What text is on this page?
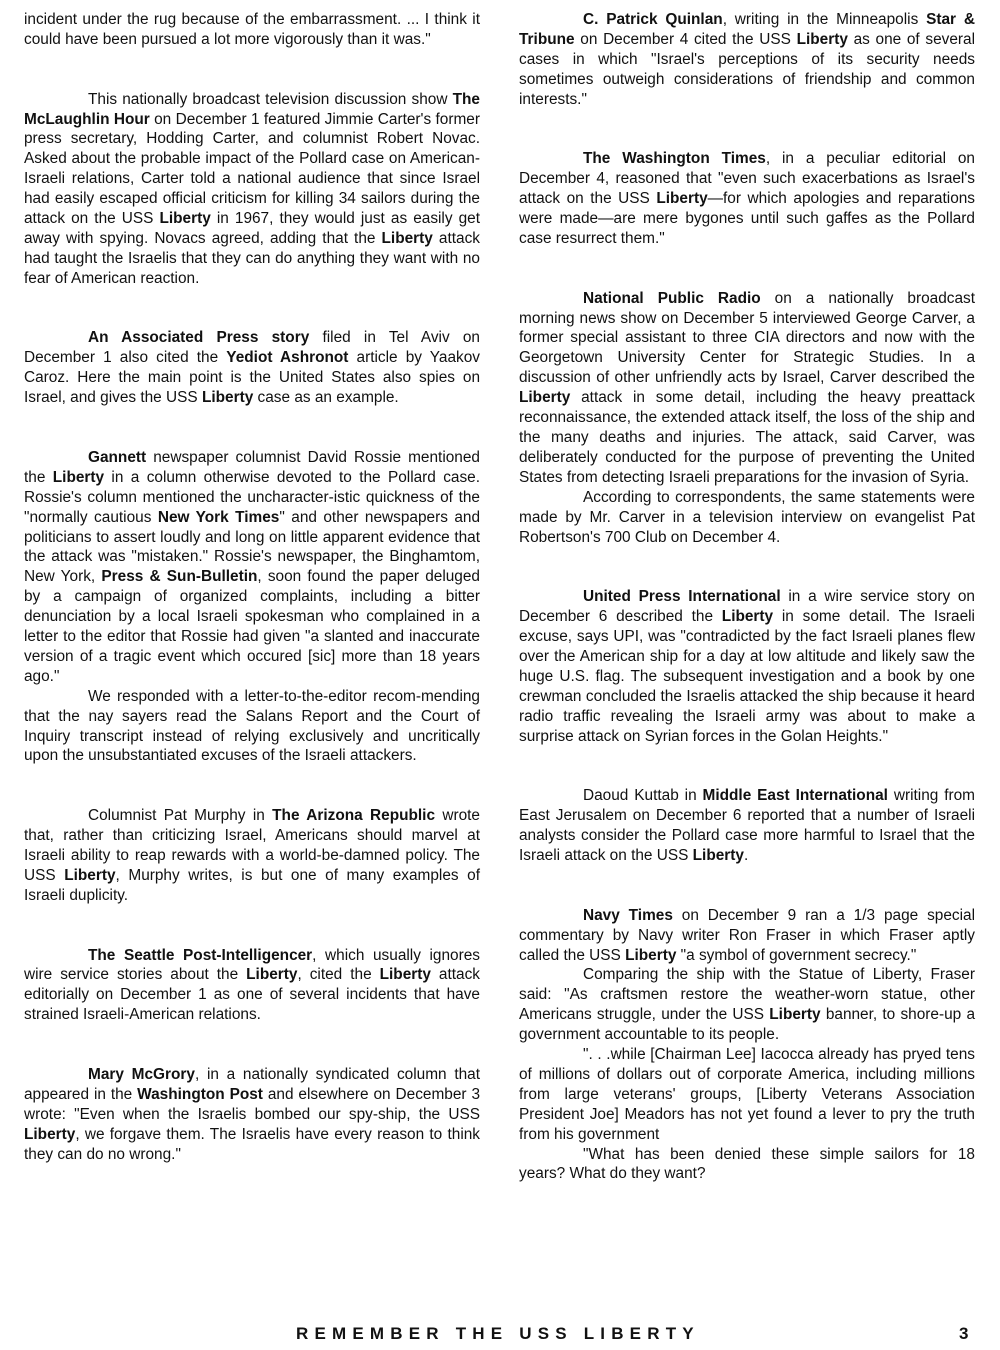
incident under the rug because of the embarrassment. ... I think it could have been pursued a lot more vigorously than it was."

This nationally broadcast television discussion show The McLaughlin Hour on December 1 featured Jimmie Carter's former press secretary, Hodding Carter, and columnist Robert Novac. Asked about the probable impact of the Pollard case on American-Israeli relations, Carter told a national audience that since Israel had easily escaped official criticism for killing 34 sailors during the attack on the USS Liberty in 1967, they would just as easily get away with spying. Novacs agreed, adding that the Liberty attack had taught the Israelis that they can do anything they want with no fear of American reaction.

An Associated Press story filed in Tel Aviv on December 1 also cited the Yediot Ashronot article by Yaakov Caroz. Here the main point is the United States also spies on Israel, and gives the USS Liberty case as an example.

Gannett newspaper columnist David Rossie mentioned the Liberty in a column otherwise devoted to the Pollard case. Rossie's column mentioned the uncharacter-istic quickness of the "normally cautious New York Times" and other newspapers and politicians to assert loudly and long on little apparent evidence that the attack was "mistaken." Rossie's newspaper, the Binghamtom, New York, Press & Sun-Bulletin, soon found the paper deluged by a campaign of organized complaints, including a bitter denunciation by a local Israeli spokesman who complained in a letter to the editor that Rossie had given "a slanted and inaccurate version of a tragic event which occured [sic] more than 18 years ago."

We responded with a letter-to-the-editor recom-mending that the nay sayers read the Salans Report and the Court of Inquiry transcript instead of relying exclusively and uncritically upon the unsubstantiated excuses of the Israeli attackers.

Columnist Pat Murphy in The Arizona Republic wrote that, rather than criticizing Israel, Americans should marvel at Israeli ability to reap rewards with a world-be-damned policy. The USS Liberty, Murphy writes, is but one of many examples of Israeli duplicity.

The Seattle Post-Intelligencer, which usually ignores wire service stories about the Liberty, cited the Liberty attack editorially on December 1 as one of several incidents that have strained Israeli-American relations.

Mary McGrory, in a nationally syndicated column that appeared in the Washington Post and elsewhere on December 3 wrote: "Even when the Israelis bombed our spy-ship, the USS Liberty, we forgave them. The Israelis have every reason to think they can do no wrong."

C. Patrick Quinlan, writing in the Minneapolis Star & Tribune on December 4 cited the USS Liberty as one of several cases in which "Israel's perceptions of its security needs sometimes outweigh considerations of friendship and common interests."

The Washington Times, in a peculiar editorial on December 4, reasoned that "even such exacerbations as Israel's attack on the USS Liberty—for which apologies and reparations were made—are mere bygones until such gaffes as the Pollard case resurrect them."

National Public Radio on a nationally broadcast morning news show on December 5 interviewed George Carver, a former special assistant to three CIA directors and now with the Georgetown University Center for Strategic Studies. In a discussion of other unfriendly acts by Israel, Carver described the Liberty attack in some detail, including the heavy preattack reconnaissance, the extended attack itself, the loss of the ship and the many deaths and injuries. The attack, said Carver, was deliberately conducted for the purpose of preventing the United States from detecting Israeli preparations for the invasion of Syria.

According to correspondents, the same statements were made by Mr. Carver in a television interview on evangelist Pat Robertson's 700 Club on December 4.

United Press International in a wire service story on December 6 described the Liberty in some detail. The Israeli excuse, says UPI, was "contradicted by the fact Israeli planes flew over the American ship for a day at low altitude and likely saw the huge U.S. flag. The subsequent investigation and a book by one crewman concluded the Israelis attacked the ship because it heard radio traffic revealing the Israeli army was about to make a surprise attack on Syrian forces in the Golan Heights."

Daoud Kuttab in Middle East International writing from East Jerusalem on December 6 reported that a number of Israeli analysts consider the Pollard case more harmful to Israel that the Israeli attack on the USS Liberty.

Navy Times on December 9 ran a 1/3 page special commentary by Navy writer Ron Fraser in which Fraser aptly called the USS Liberty "a symbol of government secrecy."

Comparing the ship with the Statue of Liberty, Fraser said: "As craftsmen restore the weather-worn statue, other Americans struggle, under the USS Liberty banner, to shore-up a government accountable to its people.

". . .while [Chairman Lee] Iacocca already has pryed tens of millions of dollars out of corporate America, including millions from large veterans' groups, [Liberty Veterans Association President Joe] Meadors has not yet found a lever to pry the truth from his government

"What has been denied these simple sailors for 18 years? What do they want?

REMEMBER THE USS LIBERTY	3
